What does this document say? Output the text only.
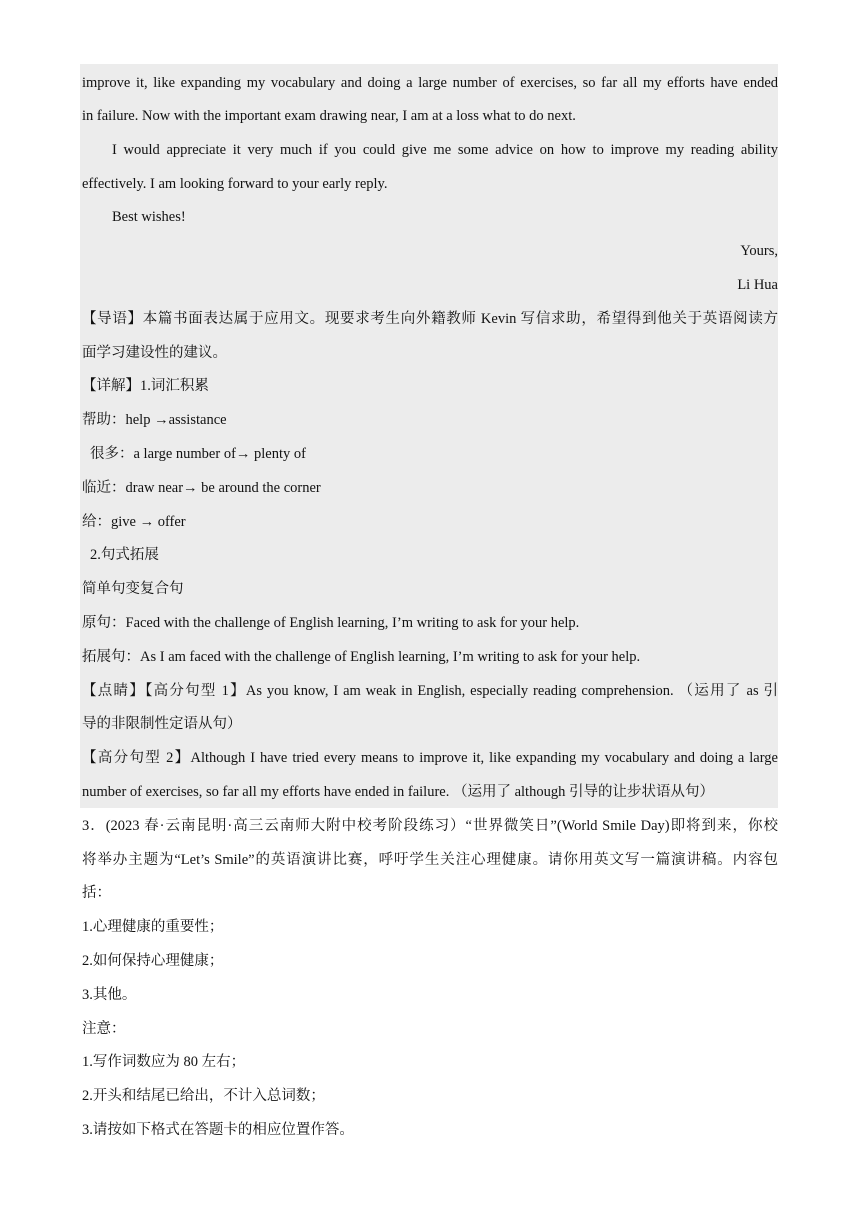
improve it, like expanding my vocabulary and doing a large number of exercises, so far all my efforts have ended
in failure. Now with the important exam drawing near, I am at a loss what to do next.
I would appreciate it very much if you could give me some advice on how to improve my reading ability
effectively. I am looking forward to your early reply.
Best wishes!
Yours,
Li Hua
【导语】本篇书面表达属于应用文。现要求考生向外籍教师 Kevin 写信求助，希望得到他关于英语阅读方
面学习建设性的建议。
【详解】1.词汇积累
帮助：help →assistance
很多：a large number of→ plenty of
临近：draw near→ be around the corner
给：give → offer
2.句式拓展
简单句变复合句
原句：Faced with the challenge of English learning, I’m writing to ask for your help.
拓展句：As I am faced with the challenge of English learning, I’m writing to ask for your help.
【点睛】【高分句型 1】As you know, I am weak in English, especially reading comprehension. （运用了 as 引
导的非限制性定语从句）
【高分句型 2】Although I have tried every means to improve it, like expanding my vocabulary and doing a large
number of exercises, so far all my efforts have ended in failure. （运用了 although 引导的让步状语从句）
3．(2023 春·云南昆明·高三云南师大附中校考阶段练习）“世界微笑日”(World Smile Day)即将到来，你校
将举办主题为“Let’s Smile”的英语演讲比赛，呼吁学生关注心理健康。请你用英文写一篇演讲稿。内容包
括：
1.心理健康的重要性；
2.如何保持心理健康；
3.其他。
注意：
1.写作词数应为 80 左右；
2.开头和结尾已给出，不计入总词数；
3.请按如下格式在答题卡的相应位置作答。
